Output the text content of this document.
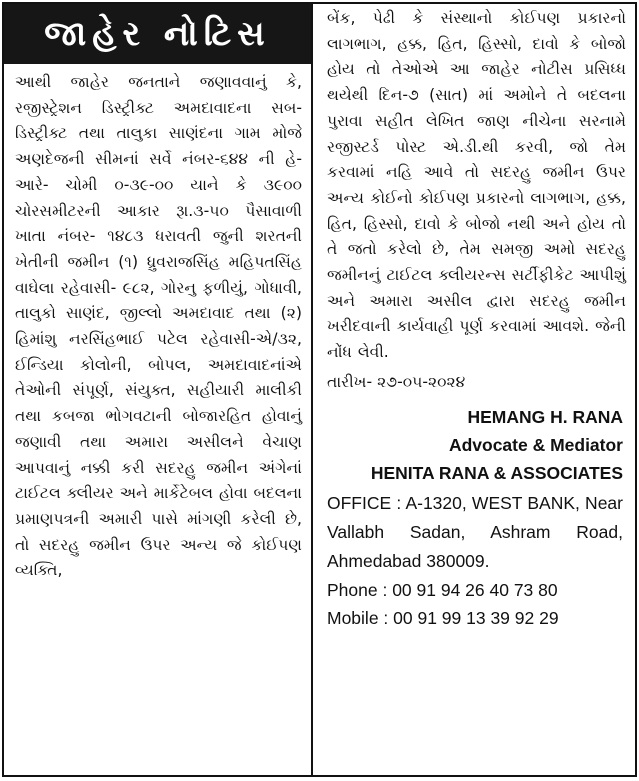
જાહેર નોટિસ

આથી જાહેર જનતાને જણાવવાનું કે, રજીસ્ટ્રેશન ડિસ્ટ્રીક્ટ અમદાવાદના સબ- ડિસ્ટ્રીક્ટ તથા તાલુકા સાણંદના ગામ મોજે અણદેજની સીમનાં સર્વે નંબર-૬૪૪ ની હે-આરે- ચોમી ૦-૩૯-૦૦ યાને કે ૩૯૦૦ ચોરસમીટરની આકાર રૂા.૩-૫૦ પૈસાવાળી ખાતા નંબર- ૧૪૮૩ ધરાવતી જુની શરતની ખેતીની જમીન (૧) ધ્રુવરાજસિંહ મહિપતસિંહ વાઘેલા રહેવાસી- ૯૮૨, ગોરનુ ફળીયું, ગોધાવી, તાલુકો સાણંદ, જીલ્લો અમદાવાદ તથા (૨) હિમાંશુ નરસિંહભાઈ પટેલ રહેવાસી-એ/૩૨, ઈન્ડિયા કોલોની, બોપલ, અમદાવાદનાંએ તેઓની સંપૂર્ણ, સંયુક્ત, સહીયારી માલીકી તથા કબજા ભોગવટાની બોજારહિત હોવાનું જણાવી તથા અમારા અસીલને વેચાણ આપવાનું નક્કી કરી સદરહુ જમીન અંગેનાં ટાઈટલ ક્લીયર અને માર્કેટેબલ હોવા બદલના પ્રમાણપત્રની અમારી પાસે માંગણી કરેલી છે, તો સદરહુ જમીન ઉપર અન્ય જે કોઈપણ વ્યક્તિ,

બેંક, પેઢી કે સંસ્થાનો કોઈપણ પ્રકારનો લાગભાગ, હક્ક, હિત, હિસ્સો, દાવો કે બોજો હોય તો તેઓએ આ જાહેર નોટીસ પ્રસિધ્ધ થયેથી દિન-૭ (સાત) માં અમોને તે બદલના પુરાવા સહીત લેખિત જાણ નીચેના સરનામે રજીસ્ટર્ડ પોસ્ટ એ.ડી.થી કરવી, જો તેમ કરવામાં નહિ આવે તો સદરહુ જમીન ઉપર અન્ય કોઈનો કોઈપણ પ્રકારનો લાગભાગ, હક્ક, હિત, હિસ્સો, દાવો કે બોજો નથી અને હોય તો તે જતો કરેલો છે, તેમ સમજી અમો સદરહુ જમીનનું ટાઈટલ ક્લીયરન્સ સર્ટીફીકેટ આપીશું અને અમારા અસીલ દ્વારા સદરહુ જમીન ખરીદવાની કાર્યવાહી પૂર્ણ કરવામાં આવશે. જેની નોંધ લેવી.

તારીખ- ૨૭-૦૫-૨૦૨૪
HEMANG H. RANA
Advocate & Mediator
HENITA RANA & ASSOCIATES
OFFICE : A-1320, WEST BANK, Near Vallabh Sadan, Ashram Road, Ahmedabad 380009.
Phone : 00 91 94 26 40 73 80
Mobile : 00 91 99 13 39 92 29
